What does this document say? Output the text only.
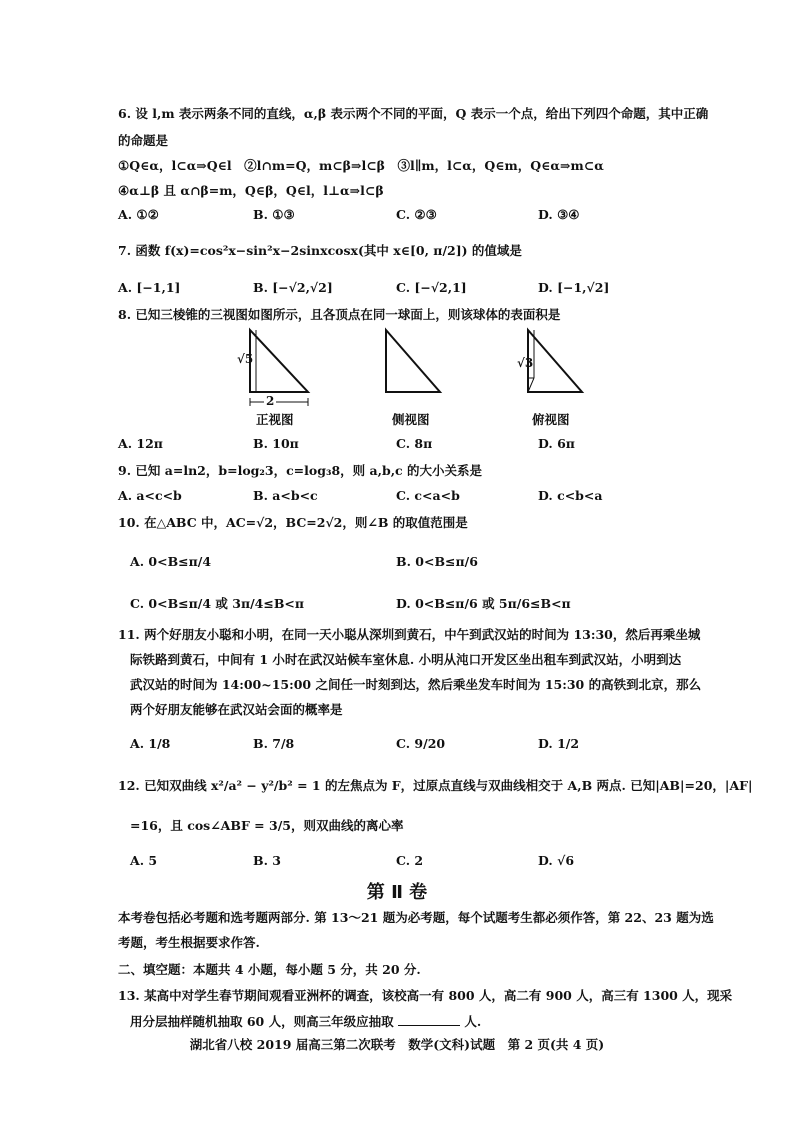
6. 设 l,m 表示两条不同的直线，α,β 表示两个不同的平面，Q 表示一个点，给出下列四个命题，其中正确
的命题是
①Q∈α，l⊂α⇒Q∈l　②l∩m=Q，m⊂β⇒l⊂β　③l∥m，l⊂α，Q∈m，Q∈α⇒m⊂α
④α⊥β 且 α∩β=m，Q∈β，Q∈l，l⊥α⇒l⊂β
A. ①②	B. ①③	C. ②③	D. ③④
7. 函数 f(x)=cos²x−sin²x−2sinxcosx(其中 x∈[0, π/2]) 的值域是
A. [−1,1]	B. [−√2,√2]	C. [−√2,1]	D. [−1,√2]
8. 已知三棱锥的三视图如图所示，且各顶点在同一球面上，则该球体的表面积是
√5
2
正视图	侧视图
√3
俯视图
A. 12π	B. 10π	C. 8π	D. 6π
9. 已知 a=ln2，b=log₂3，c=log₃8，则 a,b,c 的大小关系是
A. a<c<b	B. a<b<c	C. c<a<b	D. c<b<a
10. 在△ABC 中，AC=√2，BC=2√2，则∠B 的取值范围是
A. 0<B≤π/4	B. 0<B≤π/6
C. 0<B≤π/4 或 3π/4≤B<π	D. 0<B≤π/6 或 5π/6≤B<π
11. 两个好朋友小聪和小明，在同一天小聪从深圳到黄石，中午到武汉站的时间为 13:30，然后再乘坐城
际铁路到黄石，中间有 1 小时在武汉站候车室休息. 小明从沌口开发区坐出租车到武汉站，小明到达
武汉站的时间为 14:00~15:00 之间任一时刻到达，然后乘坐发车时间为 15:30 的高铁到北京，那么
两个好朋友能够在武汉站会面的概率是
A. 1/8	B. 7/8	C. 9/20	D. 1/2
12. 已知双曲线 x²/a² − y²/b² = 1 的左焦点为 F，过原点直线与双曲线相交于 A,B 两点. 已知|AB|=20，|AF|
=16，且 cos∠ABF = 3/5，则双曲线的离心率
A. 5	B. 3	C. 2	D. √6
第 Ⅱ 卷
本考卷包括必考题和选考题两部分. 第 13～21 题为必考题，每个试题考生都必须作答，第 22、23 题为选
考题，考生根据要求作答.
二、填空题：本题共 4 小题，每小题 5 分，共 20 分.
13. 某高中对学生春节期间观看亚洲杯的调查，该校高一有 800 人，高二有 900 人，高三有 1300 人，现采
用分层抽样随机抽取 60 人，则高三年级应抽取	人.
湖北省八校 2019 届高三第二次联考　数学(文科)试题　第 2 页(共 4 页)
